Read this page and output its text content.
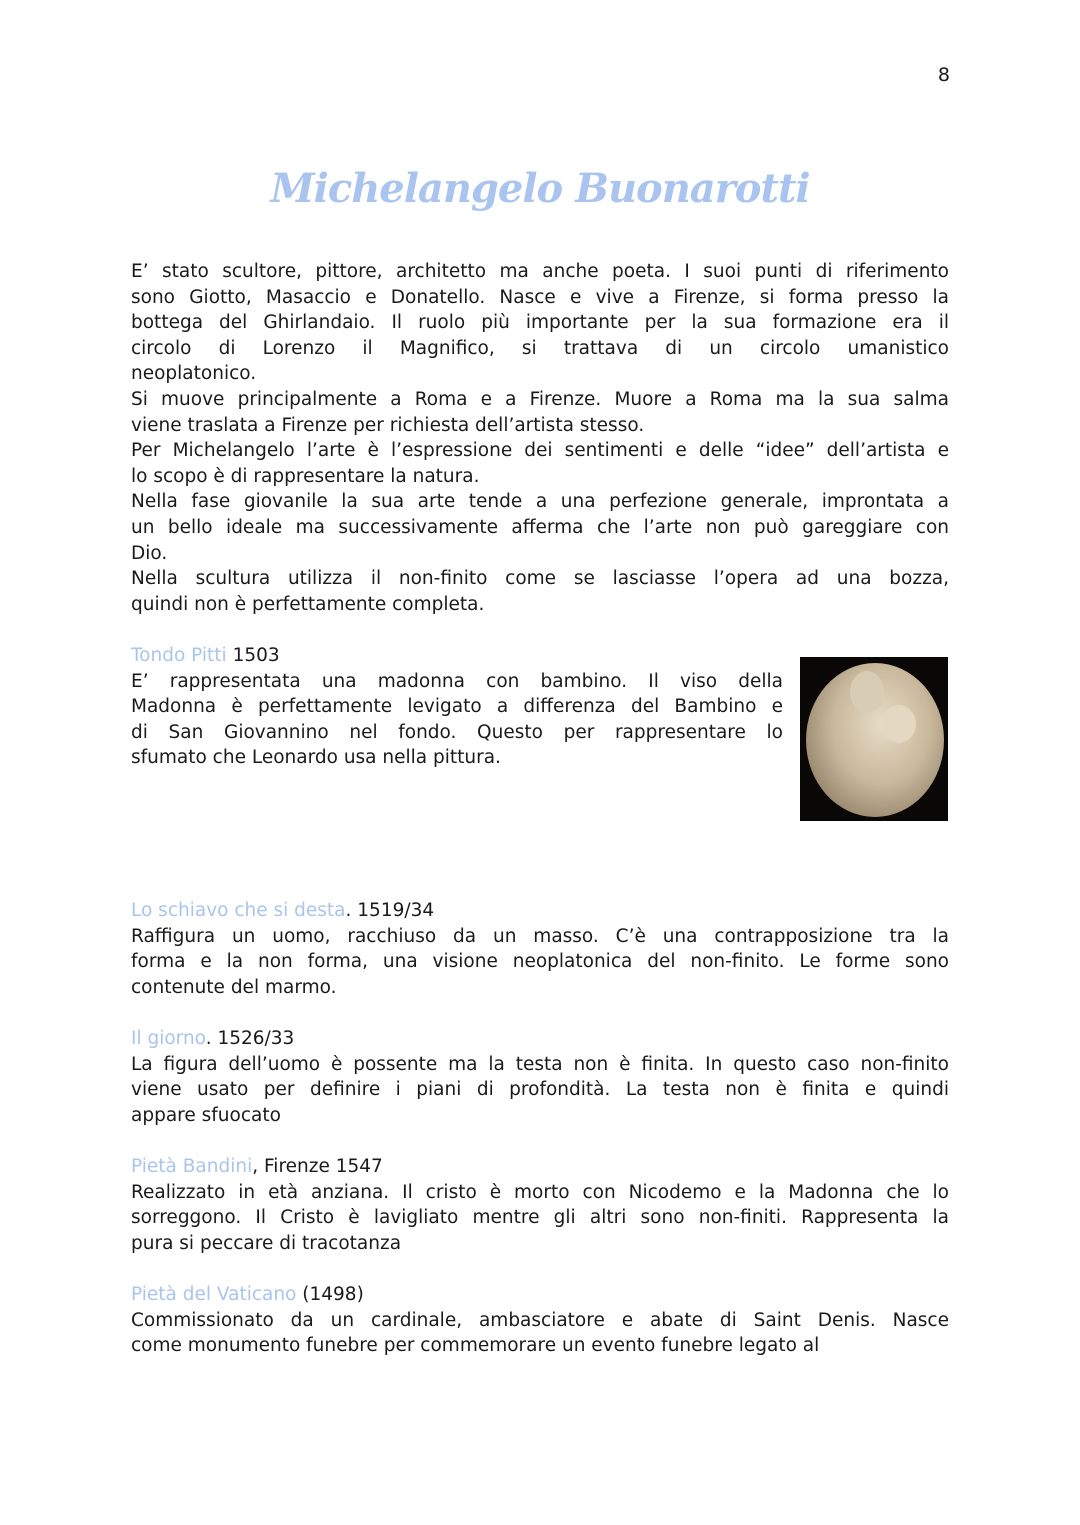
8
Michelangelo Buonarotti
E’ stato scultore, pittore, architetto ma anche poeta. I suoi punti di riferimento
sono Giotto, Masaccio e Donatello. Nasce e vive a Firenze, si forma presso la
bottega del Ghirlandaio. Il ruolo più importante per la sua formazione era il
circolo di Lorenzo il Magnifico, si trattava di un circolo umanistico
neoplatonico.
Si muove principalmente a Roma e a Firenze. Muore a Roma ma la sua salma
viene traslata a Firenze per richiesta dell’artista stesso.
Per Michelangelo l’arte è l’espressione dei sentimenti e delle “idee” dell’artista e
lo scopo è di rappresentare la natura.
Nella fase giovanile la sua arte tende a una perfezione generale, improntata a
un bello ideale ma successivamente afferma che l’arte non può gareggiare con
Dio.
Nella scultura utilizza il non-finito come se lasciasse l’opera ad una bozza,
quindi non è perfettamente completa.
Tondo Pitti 1503
E’ rappresentata una madonna con bambino. Il viso della
Madonna è perfettamente levigato a differenza del Bambino e
di San Giovannino nel fondo. Questo per rappresentare lo
sfumato che Leonardo usa nella pittura.
Lo schiavo che si desta. 1519/34
Raffigura un uomo, racchiuso da un masso. C’è una contrapposizione tra la
forma e la non forma, una visione neoplatonica del non-finito. Le forme sono
contenute del marmo.
Il giorno. 1526/33
La figura dell’uomo è possente ma la testa non è finita. In questo caso non-finito
viene usato per definire i piani di profondità. La testa non è finita e quindi
appare sfuocato
Pietà Bandini, Firenze 1547
Realizzato in età anziana. Il cristo è morto con Nicodemo e la Madonna che lo
sorreggono. Il Cristo è lavigliato mentre gli altri sono non-finiti. Rappresenta la
pura si peccare di tracotanza
Pietà del Vaticano (1498)
Commissionato da un cardinale, ambasciatore e abate di Saint Denis. Nasce
come monumento funebre per commemorare un evento funebre legato al
